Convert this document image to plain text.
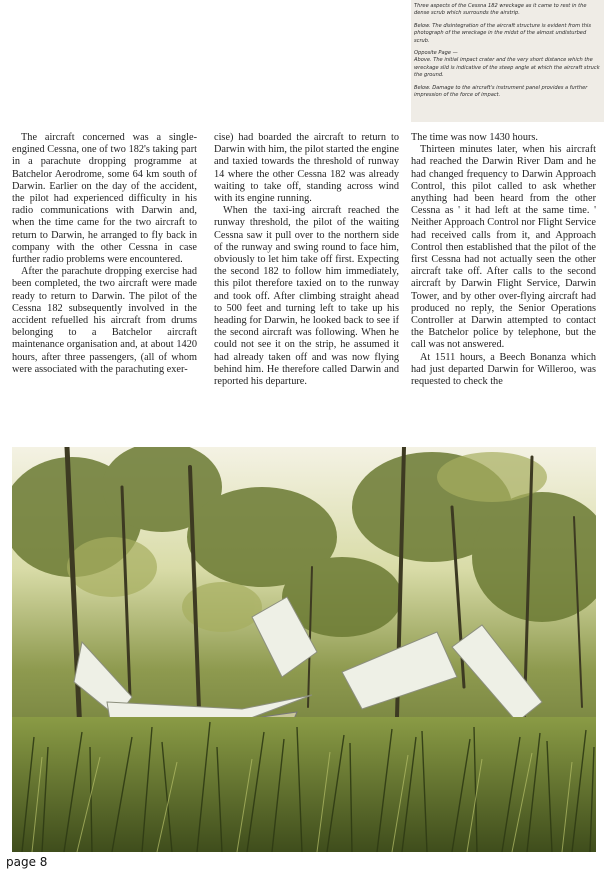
Three aspects of the Cessna 182 wreckage as it came to rest in the dense scrub which surrounds the airstrip.

Below. The disintegration of the aircraft structure is evident from this photograph of the wreckage in the midst of the almost undisturbed scrub.

Opposite Page —

Above. The initial impact crater and the very short distance which the wreckage slid is indicative of the steep angle at which the aircraft struck the ground.

Below. Damage to the aircraft's instrument panel provides a further impression of the force of impact.

The aircraft concerned was a single-engined Cessna, one of two 182's taking part in a parachute dropping programme at Batchelor Aerodrome, some 64 km south of Darwin. Earlier on the day of the accident, the pilot had experienced difficulty in his radio communications with Darwin and, when the time came for the two aircraft to return to Darwin, he arranged to fly back in company with the other Cessna in case further radio problems were encountered.

After the parachute dropping exercise had been completed, the two aircraft were made ready to return to Darwin. The pilot of the Cessna 182 subsequently involved in the accident refuelled his aircraft from drums belonging to a Batchelor aircraft maintenance organisation and, at about 1420 hours, after three passengers, (all of whom were associated with the parachuting exer-

cise) had boarded the aircraft to return to Darwin with him, the pilot started the engine and taxied towards the threshold of runway 14 where the other Cessna 182 was already waiting to take off, standing across wind with its engine running.

When the taxi-ing aircraft reached the runway threshold, the pilot of the waiting Cessna saw it pull over to the northern side of the runway and swing round to face him, obviously to let him take off first. Expecting the second 182 to follow him immediately, this pilot therefore taxied on to the runway and took off. After climbing straight ahead to 500 feet and turning left to take up his heading for Darwin, he looked back to see if the second aircraft was following. When he could not see it on the strip, he assumed it had already taken off and was now flying behind him. He therefore called Darwin and reported his departure.

The time was now 1430 hours.

Thirteen minutes later, when his aircraft had reached the Darwin River Dam and he had changed frequency to Darwin Approach Control, this pilot called to ask whether anything had been heard from the other Cessna as ' it had left at the same time. ' Neither Approach Control nor Flight Service had received calls from it, and Approach Control then established that the pilot of the first Cessna had not actually seen the other aircraft take off. After calls to the second aircraft by Darwin Flight Service, Darwin Tower, and by other over-flying aircraft had produced no reply, the Senior Operations Controller at Darwin attempted to contact the Batchelor police by telephone, but the call was not answered.

At 1511 hours, a Beech Bonanza which had just departed Darwin for Willeroo, was requested to check the

page 8
